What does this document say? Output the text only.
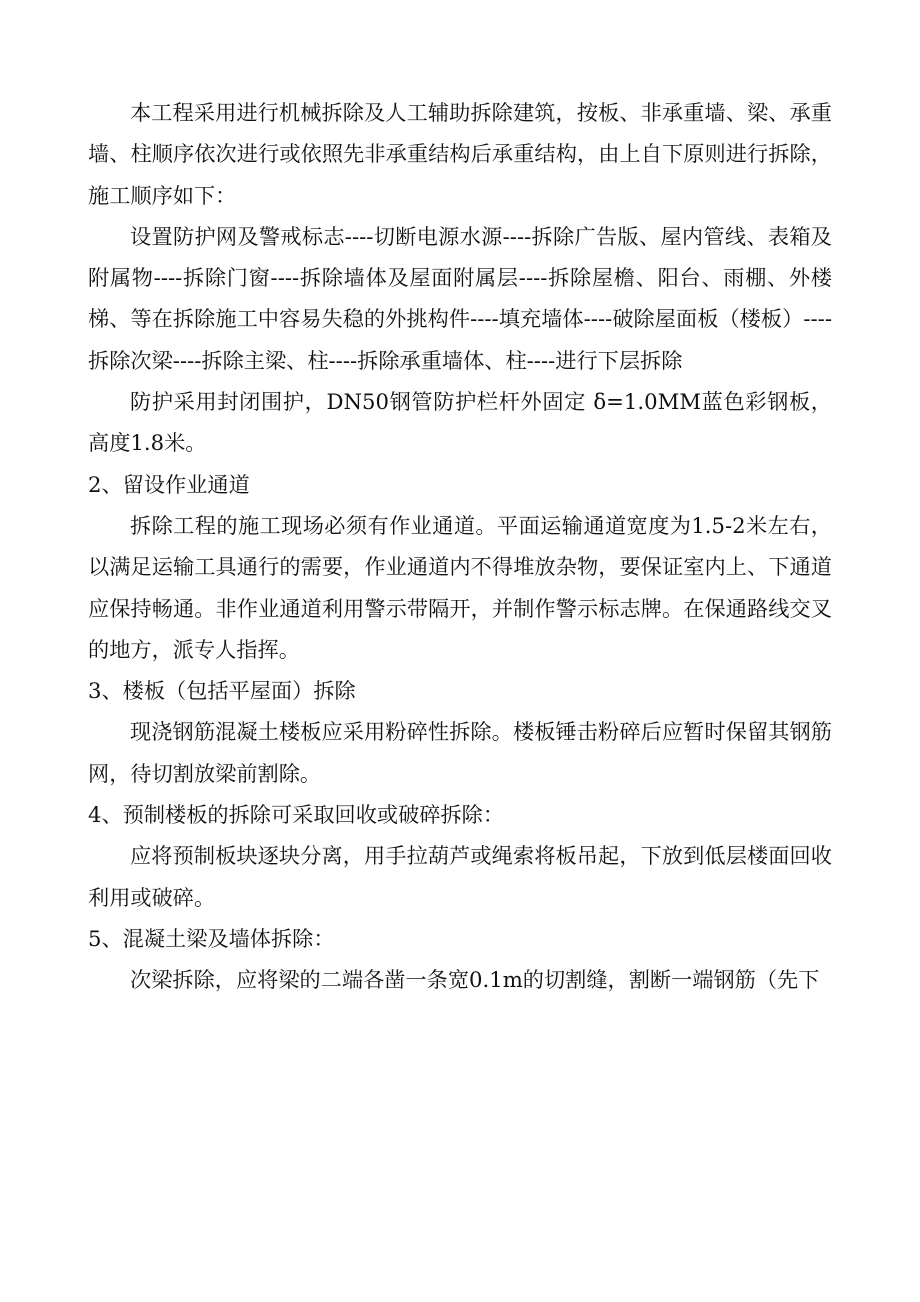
本工程采用进行机械拆除及人工辅助拆除建筑，按板、非承重墙、梁、承重墙、柱顺序依次进行或依照先非承重结构后承重结构，由上自下原则进行拆除，施工顺序如下：

设置防护网及警戒标志----切断电源水源----拆除广告版、屋内管线、表箱及附属物----拆除门窗----拆除墙体及屋面附属层----拆除屋檐、阳台、雨棚、外楼梯、等在拆除施工中容易失稳的外挑构件----填充墙体----破除屋面板（楼板）----拆除次梁----拆除主梁、柱----拆除承重墙体、柱----进行下层拆除

防护采用封闭围护，DN50钢管防护栏杆外固定 δ=1.0MM蓝色彩钢板，高度1.8米。

2、留设作业通道

拆除工程的施工现场必须有作业通道。平面运输通道宽度为1.5-2米左右，以满足运输工具通行的需要，作业通道内不得堆放杂物，要保证室内上、下通道应保持畅通。非作业通道利用警示带隔开，并制作警示标志牌。在保通路线交叉的地方，派专人指挥。

3、楼板（包括平屋面）拆除

现浇钢筋混凝土楼板应采用粉碎性拆除。楼板锤击粉碎后应暂时保留其钢筋网，待切割放梁前割除。

4、预制楼板的拆除可采取回收或破碎拆除：

应将预制板块逐块分离，用手拉葫芦或绳索将板吊起，下放到低层楼面回收利用或破碎。

5、混凝土梁及墙体拆除：

次梁拆除，应将梁的二端各凿一条宽0.1m的切割缝，割断一端钢筋（先下
